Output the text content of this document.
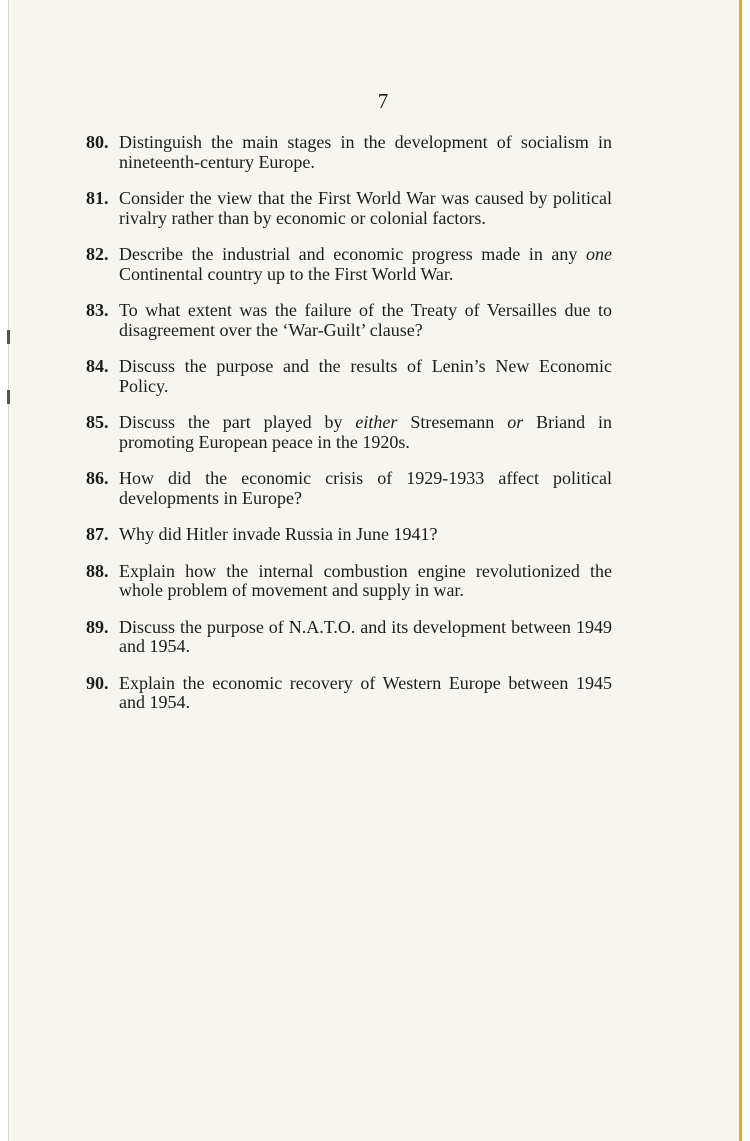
7
80. Distinguish the main stages in the development of socialism in nineteenth-century Europe.
81. Consider the view that the First World War was caused by political rivalry rather than by economic or colonial factors.
82. Describe the industrial and economic progress made in any one Continental country up to the First World War.
83. To what extent was the failure of the Treaty of Versailles due to disagreement over the ‘War-Guilt’ clause?
84. Discuss the purpose and the results of Lenin’s New Economic Policy.
85. Discuss the part played by either Stresemann or Briand in promoting European peace in the 1920s.
86. How did the economic crisis of 1929-1933 affect political developments in Europe?
87. Why did Hitler invade Russia in June 1941?
88. Explain how the internal combustion engine revolutionized the whole problem of movement and supply in war.
89. Discuss the purpose of N.A.T.O. and its development between 1949 and 1954.
90. Explain the economic recovery of Western Europe between 1945 and 1954.
